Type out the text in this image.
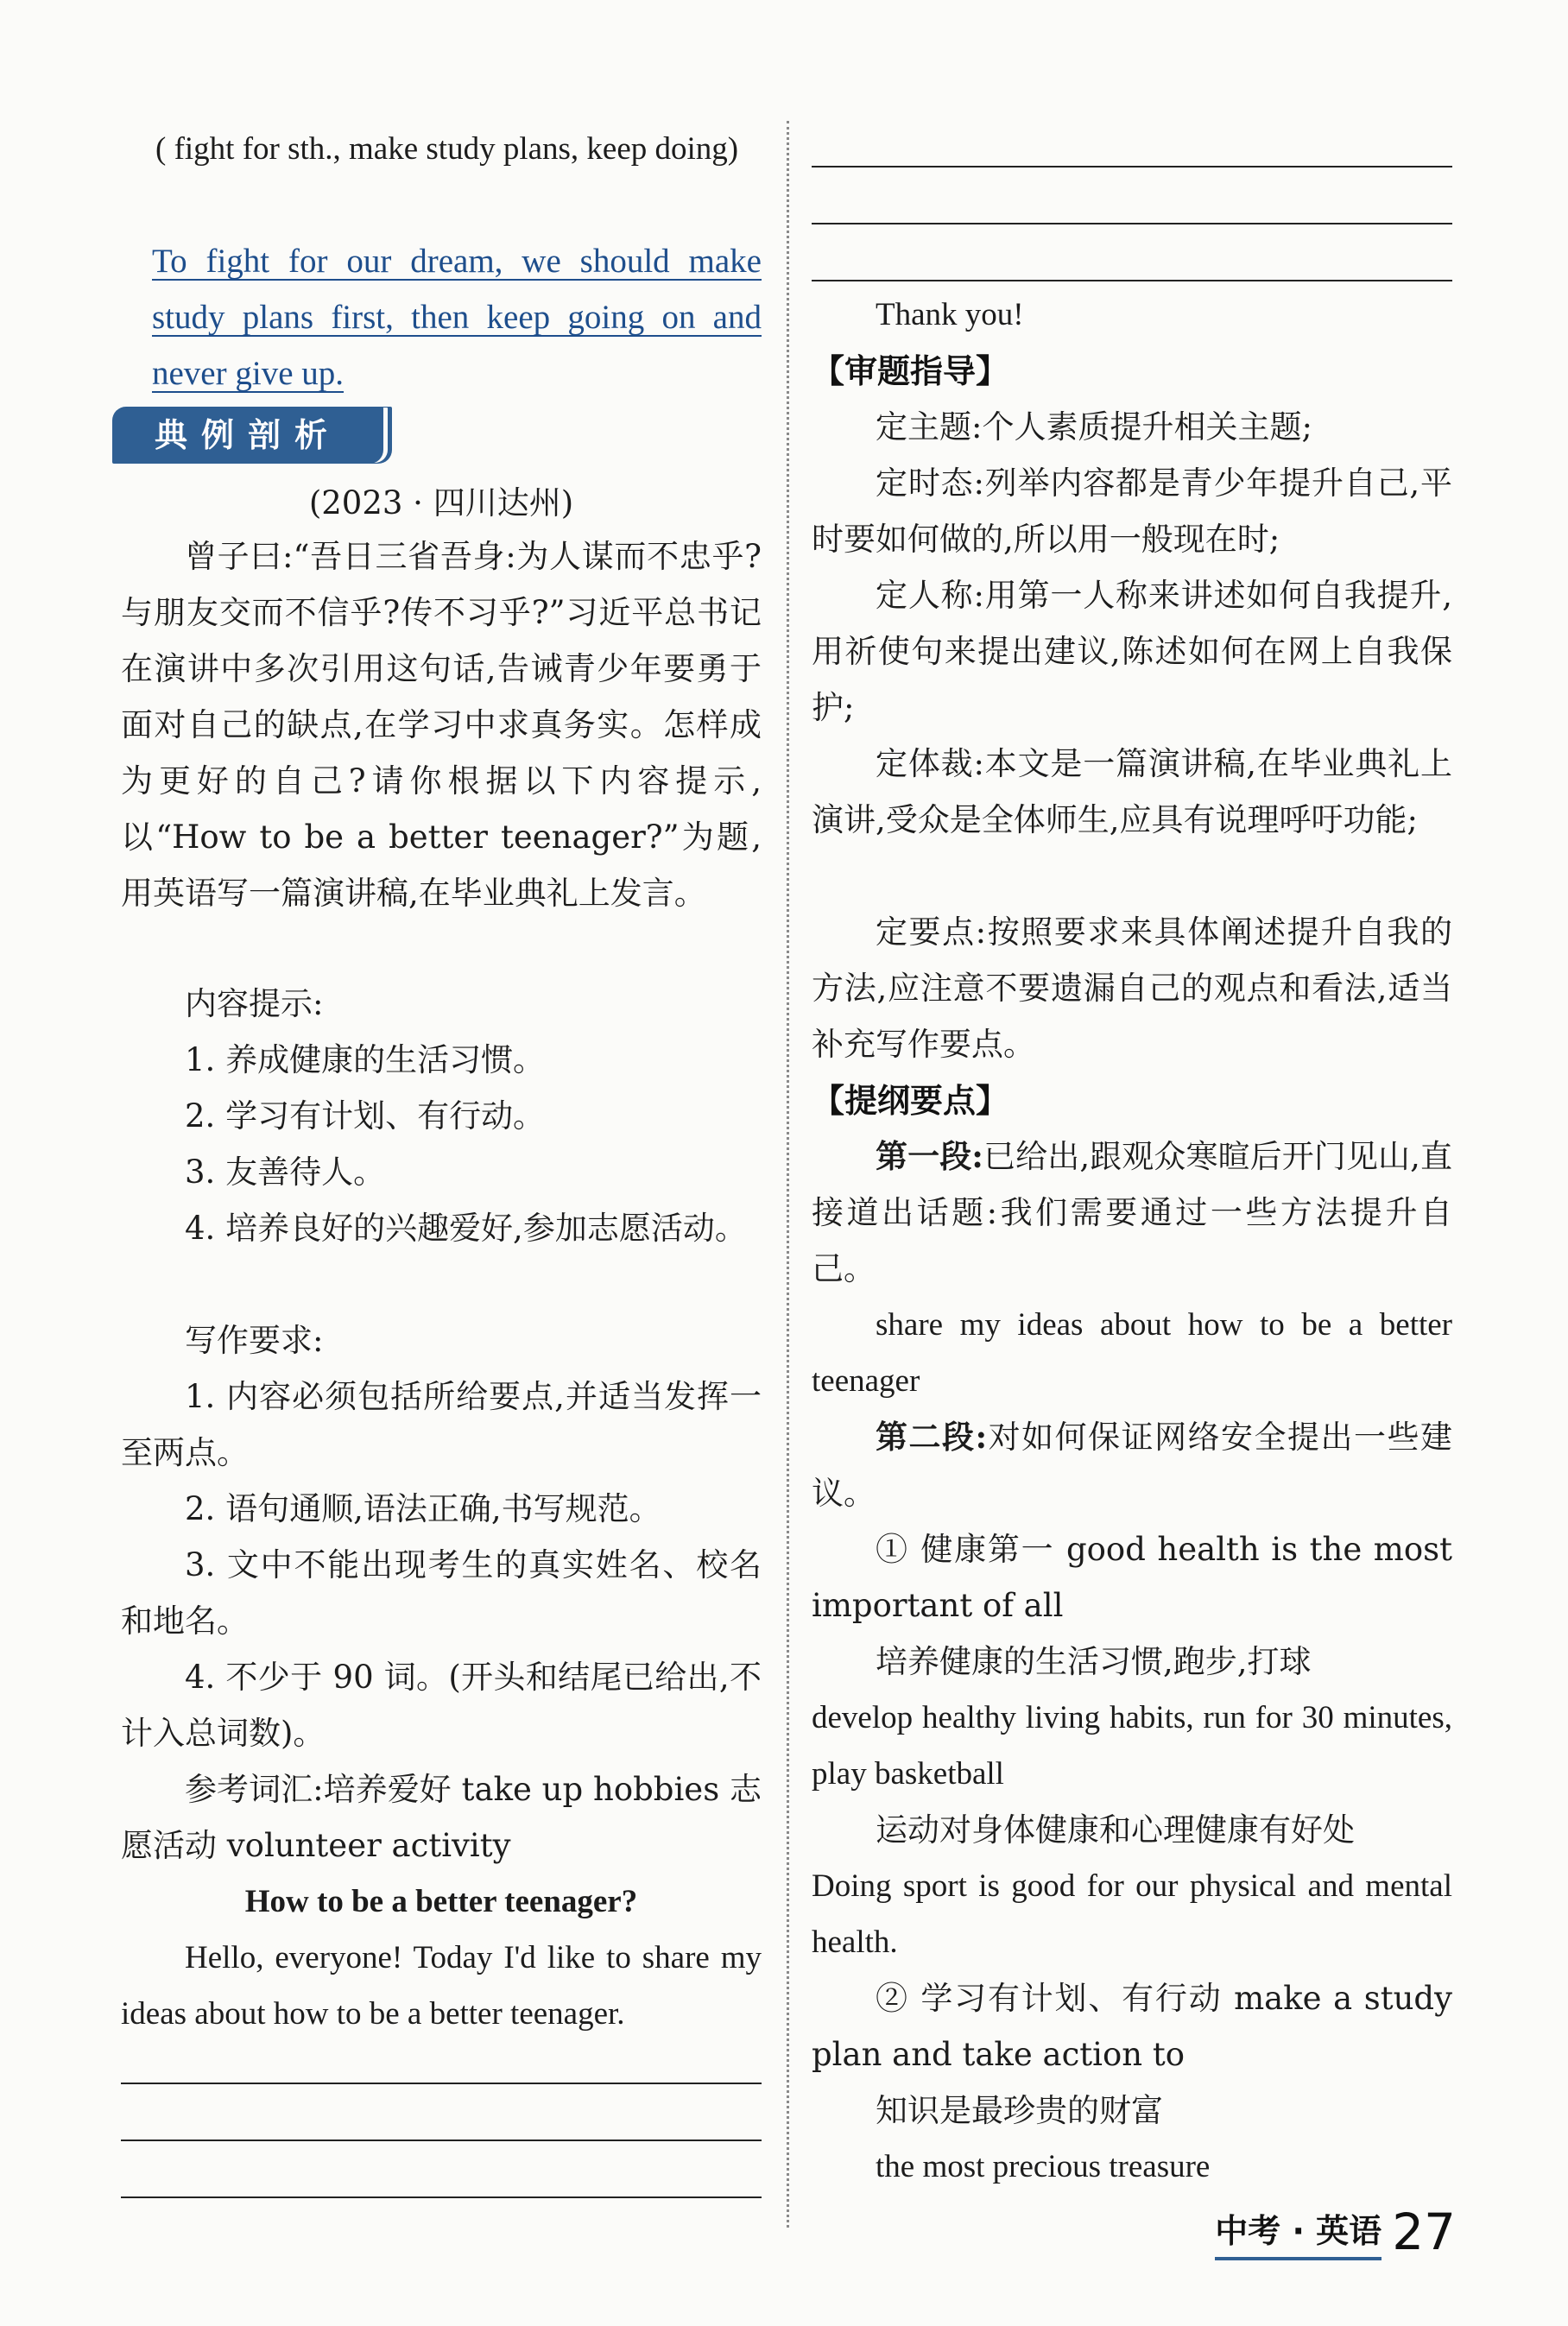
( fight for sth., make study plans, keep doing)

To fight for our dream, we should make study plans first, then keep going on and never give up.

典例剖析

(2023 · 四川达州)

曾子曰:“吾日三省吾身:为人谋而不忠乎?与朋友交而不信乎?传不习乎?”习近平总书记在演讲中多次引用这句话,告诫青少年要勇于面对自己的缺点,在学习中求真务实。怎样成为更好的自己?请你根据以下内容提示,以“How to be a better teenager?”为题,用英语写一篇演讲稿,在毕业典礼上发言。

内容提示:

1. 养成健康的生活习惯。

2. 学习有计划、有行动。

3. 友善待人。

4. 培养良好的兴趣爱好,参加志愿活动。

写作要求:

1. 内容必须包括所给要点,并适当发挥一至两点。

2. 语句通顺,语法正确,书写规范。

3. 文中不能出现考生的真实姓名、校名和地名。

4. 不少于 90 词。(开头和结尾已给出,不计入总词数)。

参考词汇:培养爱好 take up hobbies 志愿活动 volunteer activity

How to be a better teenager?

Hello, everyone! Today I'd like to share my ideas about how to be a better teenager.

Thank you!

【审题指导】

定主题:个人素质提升相关主题;

定时态:列举内容都是青少年提升自己,平时要如何做的,所以用一般现在时;

定人称:用第一人称来讲述如何自我提升,用祈使句来提出建议,陈述如何在网上自我保护;

定体裁:本文是一篇演讲稿,在毕业典礼上演讲,受众是全体师生,应具有说理呼吁功能;

定要点:按照要求来具体阐述提升自我的方法,应注意不要遗漏自己的观点和看法,适当补充写作要点。

【提纲要点】

第一段:已给出,跟观众寒暄后开门见山,直接道出话题:我们需要通过一些方法提升自己。

share my ideas about how to be a better teenager

第二段:对如何保证网络安全提出一些建议。

① 健康第一 good health is the most important of all

培养健康的生活习惯,跑步,打球

develop healthy living habits, run for 30 minutes, play basketball

运动对身体健康和心理健康有好处

Doing sport is good for our physical and mental health.

② 学习有计划、有行动 make a study plan and take action to

知识是最珍贵的财富

the most precious treasure

中考 · 英语 27
